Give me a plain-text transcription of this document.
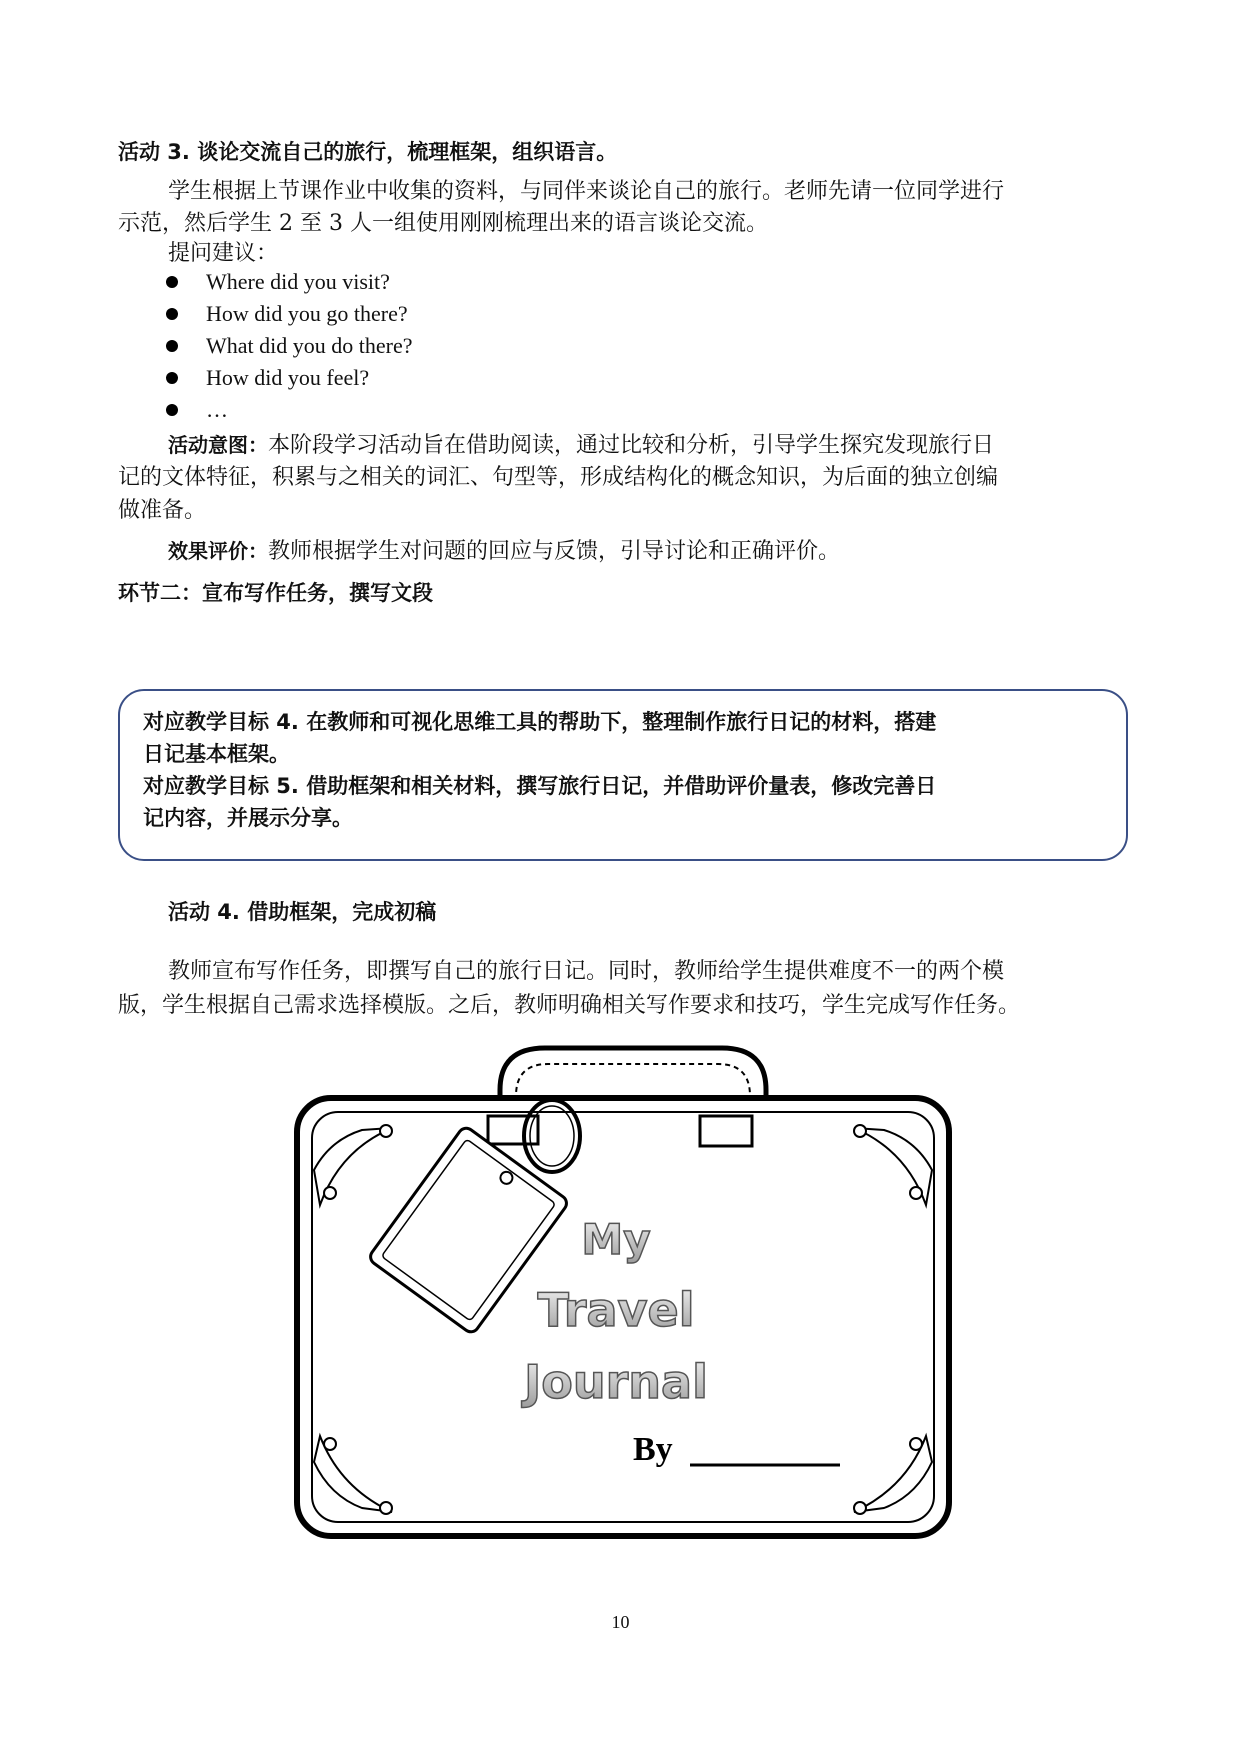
活动 3. 谈论交流自己的旅行，梳理框架，组织语言。
学生根据上节课作业中收集的资料，与同伴来谈论自己的旅行。老师先请一位同学进行
示范，然后学生 2 至 3 人一组使用刚刚梳理出来的语言谈论交流。
提问建议：
Where did you visit?
How did you go there?
What did you do there?
How did you feel?
…
活动意图：本阶段学习活动旨在借助阅读，通过比较和分析，引导学生探究发现旅行日
记的文体特征，积累与之相关的词汇、句型等，形成结构化的概念知识，为后面的独立创编
做准备。
效果评价：教师根据学生对问题的回应与反馈，引导讨论和正确评价。
环节二：宣布写作任务，撰写文段
对应教学目标 4. 在教师和可视化思维工具的帮助下，整理制作旅行日记的材料，搭建
日记基本框架。
对应教学目标 5. 借助框架和相关材料，撰写旅行日记，并借助评价量表，修改完善日
记内容，并展示分享。
活动 4. 借助框架，完成初稿
教师宣布写作任务，即撰写自己的旅行日记。同时，教师给学生提供难度不一的两个模
版，学生根据自己需求选择模版。之后，教师明确相关写作要求和技巧，学生完成写作任务。
My
Travel
Journal
By
10
